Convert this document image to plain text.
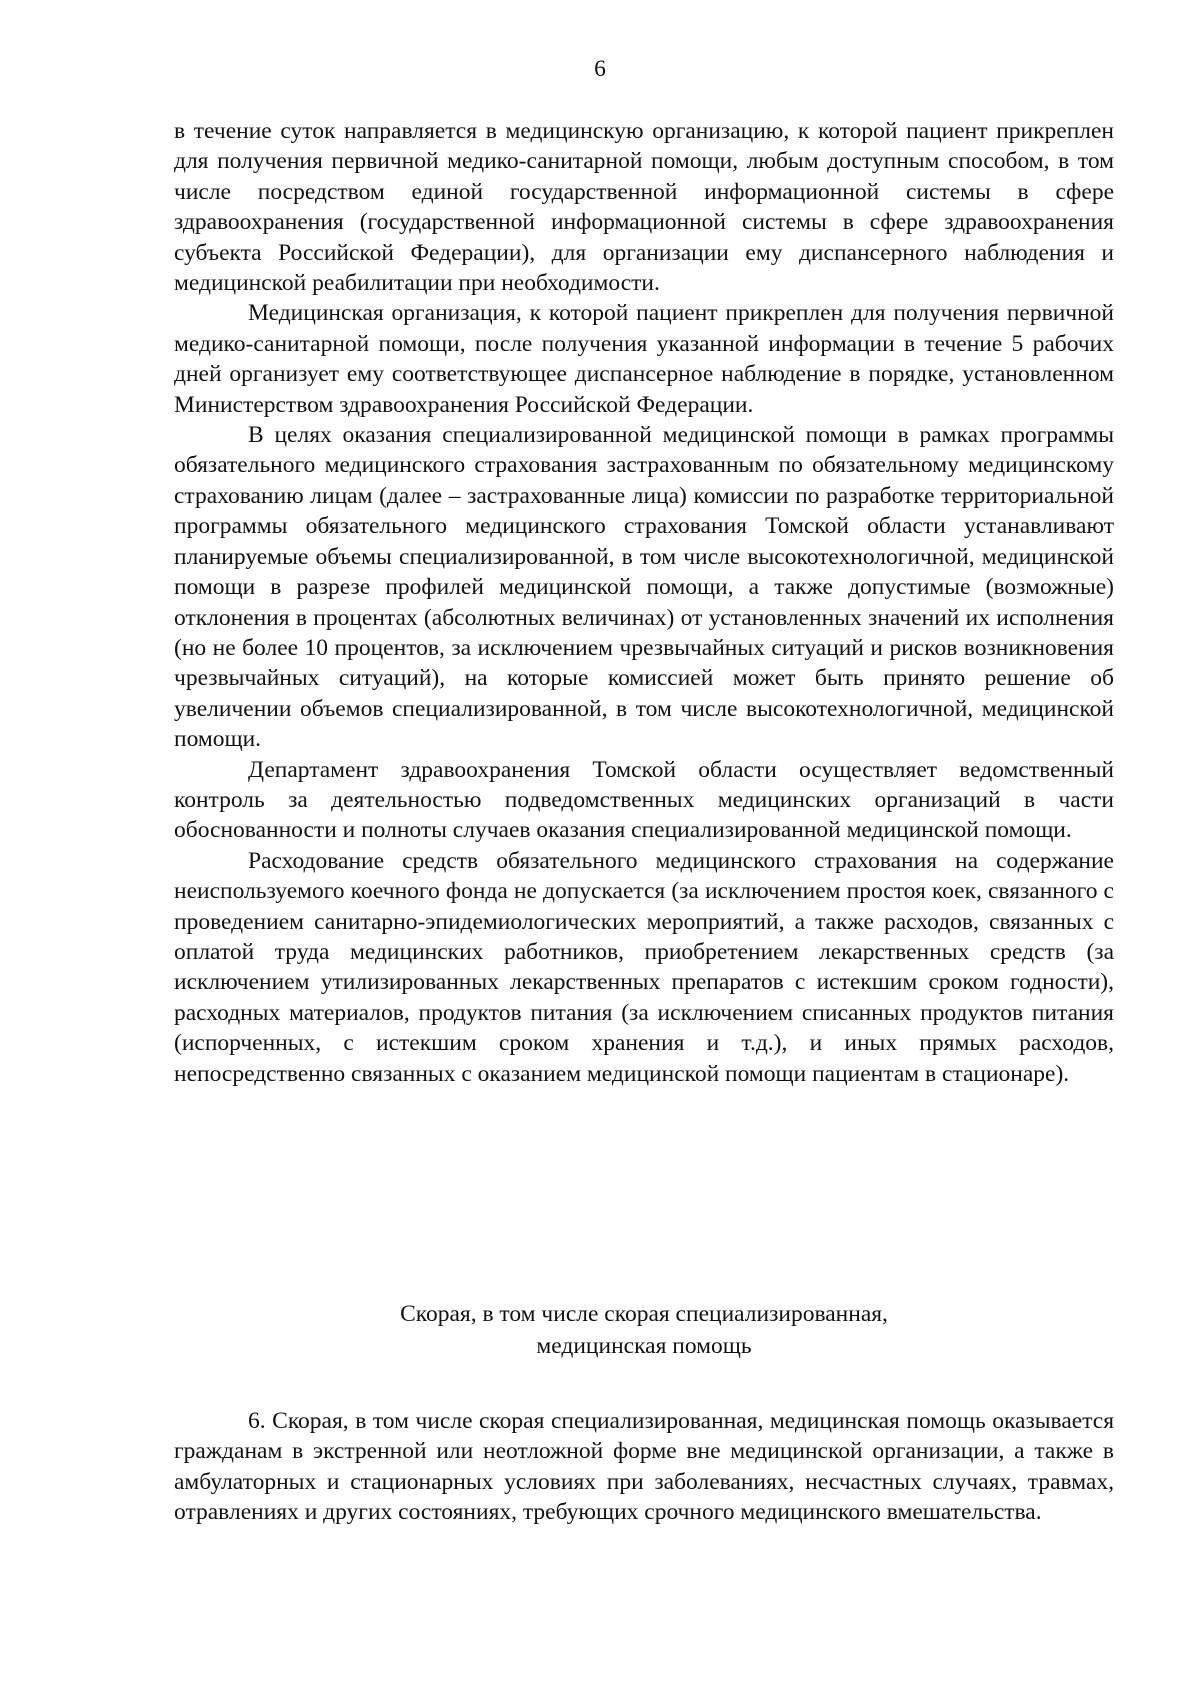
6

в течение суток направляется в медицинскую организацию, к которой пациент прикреплен для получения первичной медико-санитарной помощи, любым доступным способом, в том числе посредством единой государственной информационной системы в сфере здравоохранения (государственной информационной системы в сфере здравоохранения субъекта Российской Федерации), для организации ему диспансерного наблюдения и медицинской реабилитации при необходимости.

Медицинская организация, к которой пациент прикреплен для получения первичной медико-санитарной помощи, после получения указанной информации в течение 5 рабочих дней организует ему соответствующее диспансерное наблюдение в порядке, установленном Министерством здравоохранения Российской Федерации.

В целях оказания специализированной медицинской помощи в рамках программы обязательного медицинского страхования застрахованным по обязательному медицинскому страхованию лицам (далее – застрахованные лица) комиссии по разработке территориальной программы обязательного медицинского страхования Томской области устанавливают планируемые объемы специализированной, в том числе высокотехнологичной, медицинской помощи в разрезе профилей медицинской помощи, а также допустимые (возможные) отклонения в процентах (абсолютных величинах) от установленных значений их исполнения (но не более 10 процентов, за исключением чрезвычайных ситуаций и рисков возникновения чрезвычайных ситуаций), на которые комиссией может быть принято решение об увеличении объемов специализированной, в том числе высокотехнологичной, медицинской помощи.

Департамент здравоохранения Томской области осуществляет ведомственный контроль за деятельностью подведомственных медицинских организаций в части обоснованности и полноты случаев оказания специализированной медицинской помощи.

Расходование средств обязательного медицинского страхования на содержание неиспользуемого коечного фонда не допускается (за исключением простоя коек, связанного с проведением санитарно-эпидемиологических мероприятий, а также расходов, связанных с оплатой труда медицинских работников, приобретением лекарственных средств (за исключением утилизированных лекарственных препаратов с истекшим сроком годности), расходных материалов, продуктов питания (за исключением списанных продуктов питания (испорченных, с истекшим сроком хранения и т.д.), и иных прямых расходов, непосредственно связанных с оказанием медицинской помощи пациентам в стационаре).

Скорая, в том числе скорая специализированная,
медицинская помощь

6. Скорая, в том числе скорая специализированная, медицинская помощь оказывается гражданам в экстренной или неотложной форме вне медицинской организации, а также в амбулаторных и стационарных условиях при заболеваниях, несчастных случаях, травмах, отравлениях и других состояниях, требующих срочного медицинского вмешательства.
